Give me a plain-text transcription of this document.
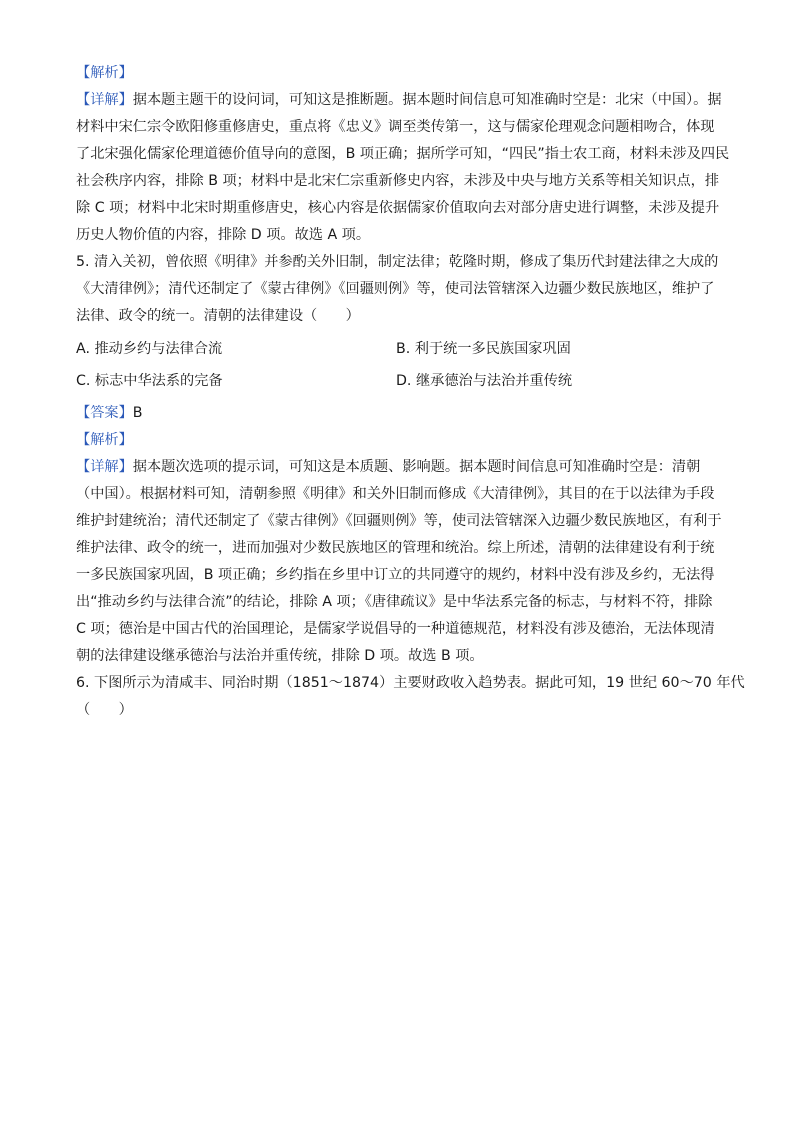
【解析】

【详解】据本题主题干的设问词，可知这是推断题。据本题时间信息可知准确时空是：北宋（中国）。据

材料中宋仁宗令欧阳修重修唐史，重点将《忠义》调至类传第一，这与儒家伦理观念问题相吻合，体现

了北宋强化儒家伦理道德价值导向的意图，B 项正确；据所学可知，“四民”指士农工商，材料未涉及四民

社会秩序内容，排除 B 项；材料中是北宋仁宗重新修史内容，未涉及中央与地方关系等相关知识点，排

除 C 项；材料中北宋时期重修唐史，核心内容是依据儒家价值取向去对部分唐史进行调整，未涉及提升

历史人物价值的内容，排除 D 项。故选 A 项。

5. 清入关初，曾依照《明律》并参酌关外旧制，制定法律；乾隆时期，修成了集历代封建法律之大成的

《大清律例》；清代还制定了《蒙古律例》《回疆则例》等，使司法管辖深入边疆少数民族地区，维护了

法律、政令的统一。清朝的法律建设（　　）

A. 推动乡约与法律合流	B. 利于统一多民族国家巩固
C. 标志中华法系的完备	D. 继承德治与法治并重传统

【答案】B

【解析】

【详解】据本题次选项的提示词，可知这是本质题、影响题。据本题时间信息可知准确时空是：清朝

（中国）。根据材料可知，清朝参照《明律》和关外旧制而修成《大清律例》，其目的在于以法律为手段

维护封建统治；清代还制定了《蒙古律例》《回疆则例》等，使司法管辖深入边疆少数民族地区，有利于

维护法律、政令的统一，进而加强对少数民族地区的管理和统治。综上所述，清朝的法律建设有利于统

一多民族国家巩固，B 项正确；乡约指在乡里中订立的共同遵守的规约，材料中没有涉及乡约，无法得

出“推动乡约与法律合流”的结论，排除 A 项；《唐律疏议》是中华法系完备的标志，与材料不符，排除

C 项；德治是中国古代的治国理论，是儒家学说倡导的一种道德规范，材料没有涉及德治，无法体现清

朝的法律建设继承德治与法治并重传统，排除 D 项。故选 B 项。

6. 下图所示为清咸丰、同治时期（1851～1874）主要财政收入趋势表。据此可知，19 世纪 60～70 年代

（　　）
